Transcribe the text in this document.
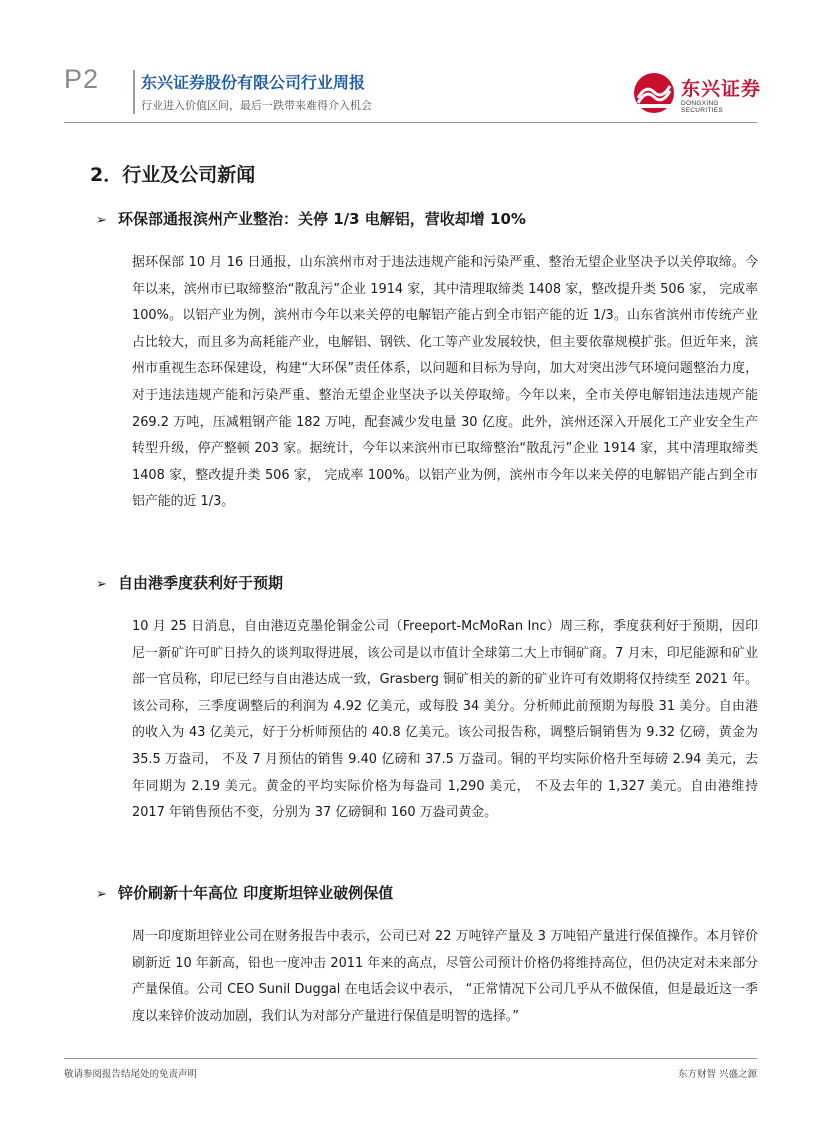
P2	东兴证券股份有限公司行业周报
行业进入价值区间，最后一跌带来难得介入机会
东兴证券
DONGXING SECURITIES
2．行业及公司新闻
➢ 环保部通报滨州产业整治：关停 1/3 电解铝，营收却增 10%
据环保部 10 月 16 日通报，山东滨州市对于违法违规产能和污染严重、整治无望企业坚决予以关停取缔。今年以来，滨州市已取缔整治“散乱污”企业 1914 家，其中清理取缔类 1408 家，整改提升类 506 家， 完成率 100%。以铝产业为例，滨州市今年以来关停的电解铝产能占到全市铝产能的近 1/3。山东省滨州市传统产业占比较大，而且多为高耗能产业，电解铝、钢铁、化工等产业发展较快，但主要依靠规模扩张。但近年来，滨州市重视生态环保建设，构建“大环保”责任体系，以问题和目标为导向，加大对突出涉气环境问题整治力度，对于违法违规产能和污染严重、整治无望企业坚决予以关停取缔。今年以来，全市关停电解铝违法违规产能 269.2 万吨，压减粗钢产能 182 万吨，配套减少发电量 30 亿度。此外，滨州还深入开展化工产业安全生产转型升级，停产整顿 203 家。据统计，今年以来滨州市已取缔整治“散乱污”企业 1914 家，其中清理取缔类 1408 家，整改提升类 506 家， 完成率 100%。以铝产业为例，滨州市今年以来关停的电解铝产能占到全市铝产能的近 1/3。
➢ 自由港季度获利好于预期
10 月 25 日消息，自由港迈克墨伦铜金公司（Freeport-McMoRan Inc）周三称，季度获利好于预期，因印尼一新矿许可旷日持久的谈判取得进展，该公司是以市值计全球第二大上市铜矿商。7 月末，印尼能源和矿业部一官员称，印尼已经与自由港达成一致，Grasberg 铜矿相关的新的矿业许可有效期将仅持续至 2021 年。该公司称，三季度调整后的利润为 4.92 亿美元，或每股 34 美分。分析师此前预期为每股 31 美分。自由港的收入为 43 亿美元，好于分析师预估的 40.8 亿美元。该公司报告称，调整后铜销售为 9.32 亿磅，黄金为 35.5 万盎司， 不及 7 月预估的销售 9.40 亿磅和 37.5 万盎司。铜的平均实际价格升至每磅 2.94 美元，去年同期为 2.19 美元。黄金的平均实际价格为每盎司 1,290 美元， 不及去年的 1,327 美元。自由港维持 2017 年销售预估不变，分别为 37 亿磅铜和 160 万盎司黄金。
➢ 锌价刷新十年高位 印度斯坦锌业破例保值
周一印度斯坦锌业公司在财务报告中表示，公司已对 22 万吨锌产量及 3 万吨铅产量进行保值操作。本月锌价刷新近 10 年新高，铅也一度冲击 2011 年来的高点，尽管公司预计价格仍将维持高位，但仍决定对未来部分产量保值。公司 CEO Sunil Duggal 在电话会议中表示， “正常情况下公司几乎从不做保值，但是最近这一季度以来锌价波动加剧，我们认为对部分产量进行保值是明智的选择。”
敬请参阅报告结尾处的免责声明	东方财智 兴盛之源
